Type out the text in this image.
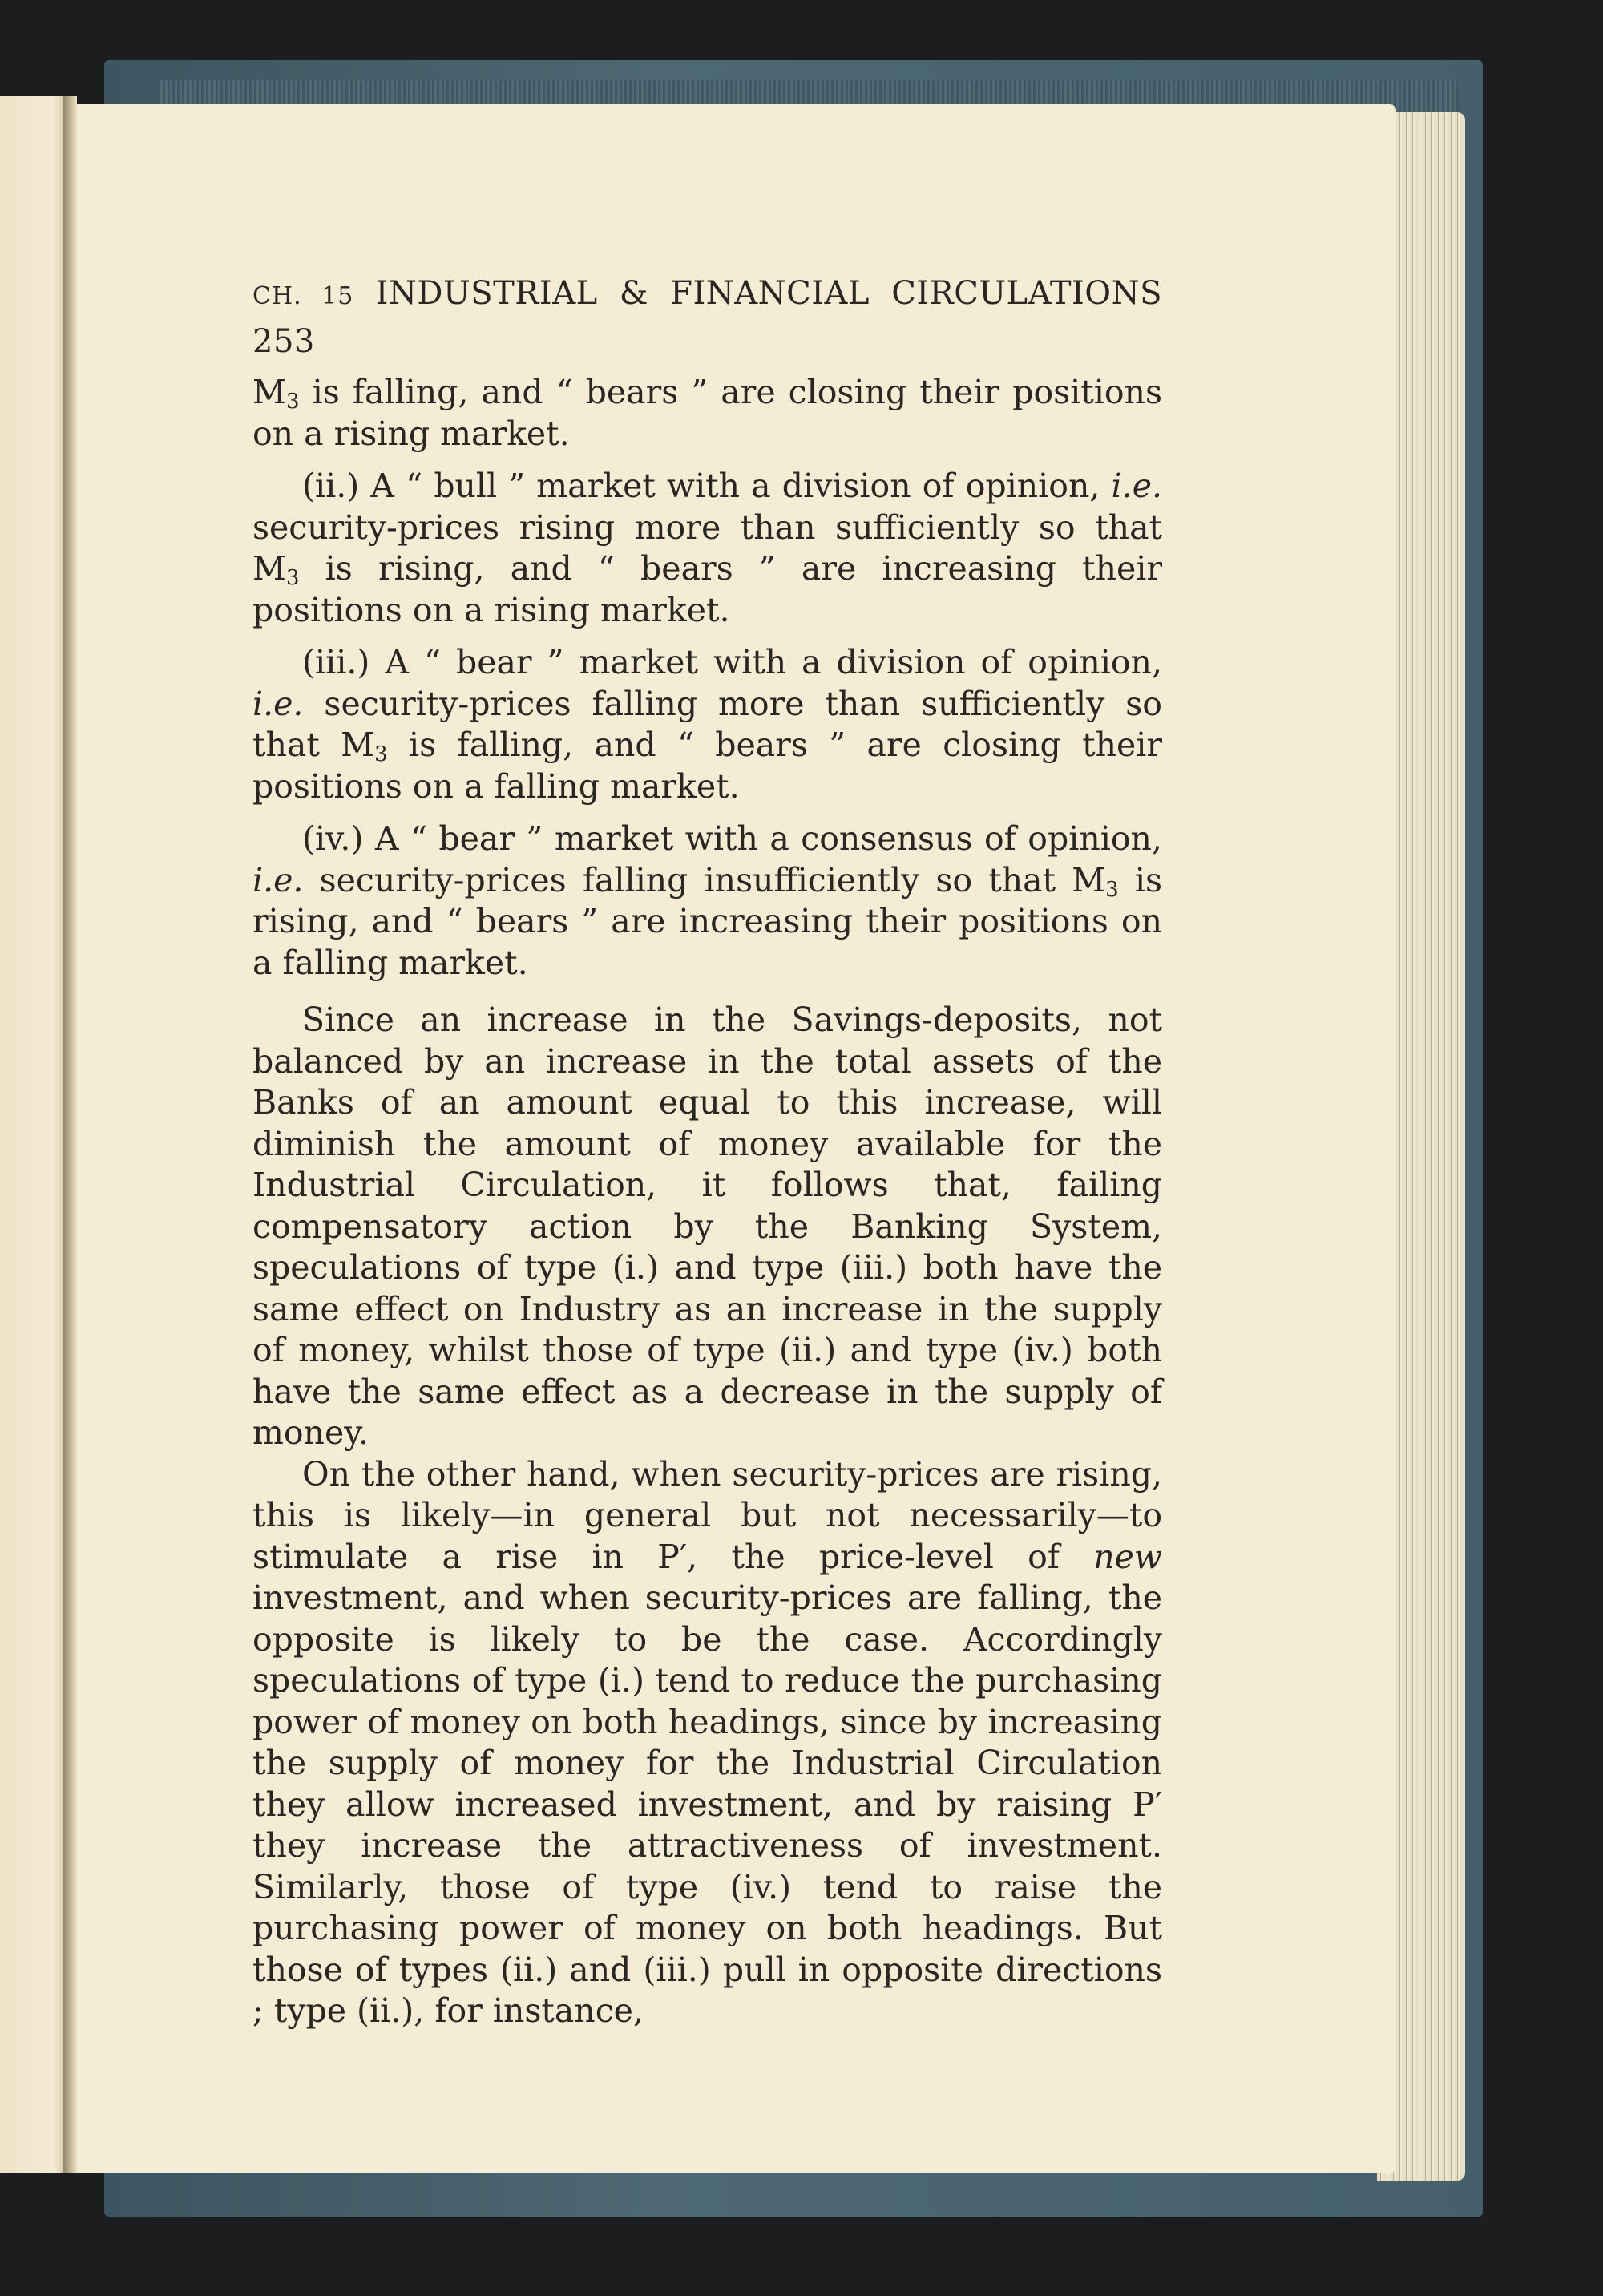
CH. 15 INDUSTRIAL & FINANCIAL CIRCULATIONS 253

$M_3$ is falling, and “ bears ” are closing their positions on a rising market.

(ii.) A “ bull ” market with a division of opinion, i.e. security-prices rising more than sufficiently so that $M_3$ is rising, and “ bears ” are increasing their positions on a rising market.

(iii.) A “ bear ” market with a division of opinion, i.e. security-prices falling more than sufficiently so that $M_3$ is falling, and “ bears ” are closing their positions on a falling market.

(iv.) A “ bear ” market with a consensus of opinion, i.e. security-prices falling insufficiently so that $M_3$ is rising, and “ bears ” are increasing their positions on a falling market.

Since an increase in the Savings-deposits, not balanced by an increase in the total assets of the Banks of an amount equal to this increase, will diminish the amount of money available for the Industrial Circulation, it follows that, failing compensatory action by the Banking System, speculations of type (i.) and type (iii.) both have the same effect on Industry as an increase in the supply of money, whilst those of type (ii.) and type (iv.) both have the same effect as a decrease in the supply of money.

On the other hand, when security-prices are rising, this is likely—in general but not necessarily—to stimulate a rise in P′, the price-level of new investment, and when security-prices are falling, the opposite is likely to be the case. Accordingly speculations of type (i.) tend to reduce the purchasing power of money on both headings, since by increasing the supply of money for the Industrial Circulation they allow increased investment, and by raising P′ they increase the attractiveness of investment. Similarly, those of type (iv.) tend to raise the purchasing power of money on both headings. But those of types (ii.) and (iii.) pull in opposite directions ; type (ii.), for instance,
